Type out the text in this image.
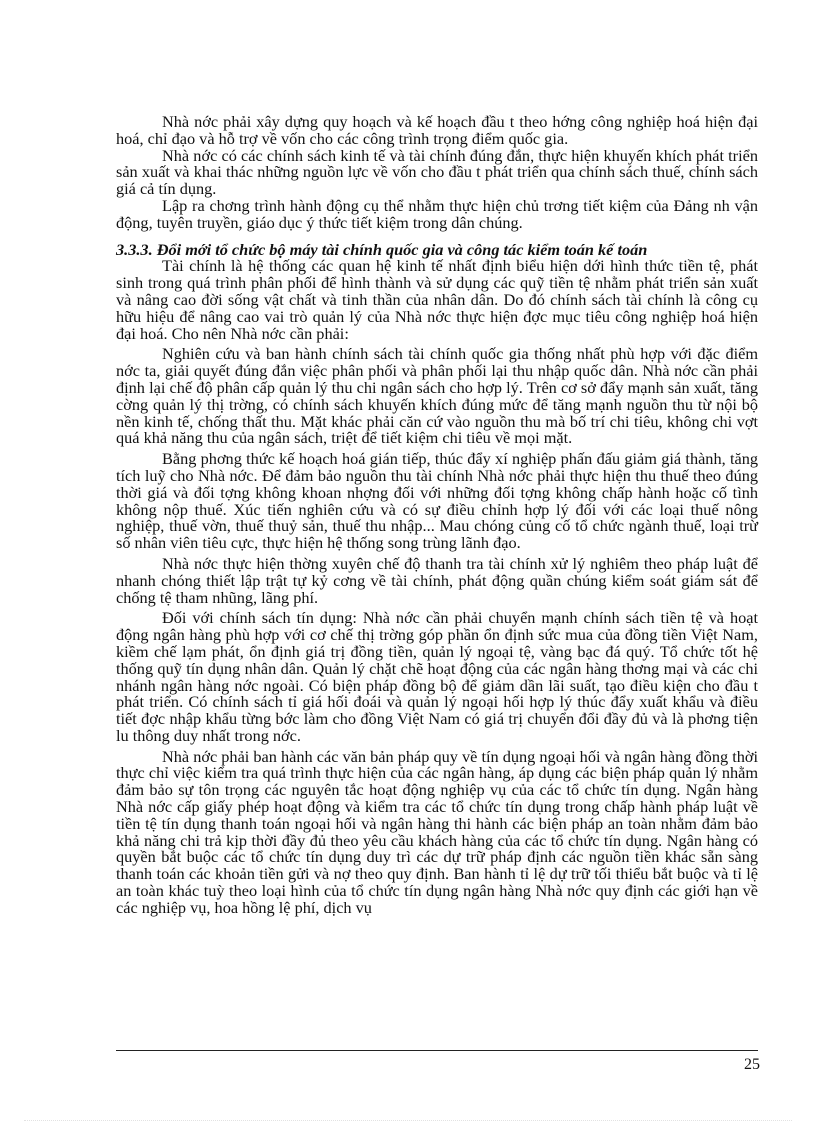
Nhà nớc phải xây dựng quy hoạch và kế hoạch đầu t theo hớng công nghiệp hoá hiện đại hoá, chỉ đạo và hỗ trợ về vốn cho các công trình trọng điểm quốc gia.

Nhà nớc có các chính sách kinh tế và tài chính đúng đắn, thực hiện khuyến khích phát triển sản xuất và khai thác những nguồn lực về vốn cho đầu t phát triển qua chính sách thuế, chính sách giá cả tín dụng.

Lập ra chơng trình hành động cụ thể nhằm thực hiện chủ trơng tiết kiệm của Đảng nh vận động, tuyên truyền, giáo dục ý thức tiết kiệm trong dân chúng.

3.3.3. Đổi mới tổ chức bộ máy tài chính quốc gia và công tác kiểm toán kế toán

Tài chính là hệ thống các quan hệ kinh tế nhất định biểu hiện dới hình thức tiền tệ, phát sinh trong quá trình phân phối để hình thành và sử dụng các quỹ tiền tệ nhằm phát triển sản xuất và nâng cao đời sống vật chất và tinh thần của nhân dân. Do đó chính sách tài chính là công cụ hữu hiệu để nâng cao vai trò quản lý của Nhà nớc thực hiện đợc mục tiêu công nghiệp hoá hiện đại hoá. Cho nên Nhà nớc cần phải:

Nghiên cứu và ban hành chính sách tài chính quốc gia thống nhất phù hợp với đặc điểm nớc ta, giải quyết đúng đắn việc phân phối và phân phối lại thu nhập quốc dân. Nhà nớc cần phải định lại chế độ phân cấp quản lý thu chi ngân sách cho hợp lý. Trên cơ sở đẩy mạnh sản xuất, tăng cờng quản lý thị trờng, có chính sách khuyến khích đúng mức để tăng mạnh nguồn thu từ nội bộ nền kinh tế, chống thất thu. Mặt khác phải căn cứ vào nguồn thu mà bố trí chi tiêu, không chi vợt quá khả năng thu của ngân sách, triệt để tiết kiệm chi tiêu về mọi mặt.

Bằng phơng thức kế hoạch hoá gián tiếp, thúc đẩy xí nghiệp phấn đấu giảm giá thành, tăng tích luỹ cho Nhà nớc. Để đảm bảo nguồn thu tài chính Nhà nớc phải thực hiện thu thuế theo đúng thời giá và đối tợng không khoan nhợng đối với những đối tợng không chấp hành hoặc cố tình không nộp thuế. Xúc tiến nghiên cứu và có sự điều chỉnh hợp lý đối với các loại thuế nông nghiệp, thuế vờn, thuế thuỷ sản, thuế thu nhập... Mau chóng củng cố tổ chức ngành thuế, loại trừ số nhân viên tiêu cực, thực hiện hệ thống song trùng lãnh đạo.

Nhà nớc thực hiện thờng xuyên chế độ thanh tra tài chính xử lý nghiêm theo pháp luật để nhanh chóng thiết lập trật tự kỷ cơng về tài chính, phát động quần chúng kiểm soát giám sát để chống tệ tham nhũng, lãng phí.

Đối với chính sách tín dụng: Nhà nớc cần phải chuyển mạnh chính sách tiền tệ và hoạt động ngân hàng phù hợp với cơ chế thị trờng góp phần ổn định sức mua của đồng tiền Việt Nam, kiềm chế lạm phát, ổn định giá trị đồng tiền, quản lý ngoại tệ, vàng bạc đá quý. Tổ chức tốt hệ thống quỹ tín dụng nhân dân. Quản lý chặt chẽ hoạt động của các ngân hàng thơng mại và các chi nhánh ngân hàng nớc ngoài. Có biện pháp đồng bộ để giảm dần lãi suất, tạo điều kiện cho đầu t phát triển. Có chính sách tỉ giá hối đoái và quản lý ngoại hối hợp lý thúc đẩy xuất khẩu và điều tiết đợc nhập khẩu từng bớc làm cho đồng Việt Nam có giá trị chuyển đổi đầy đủ và là phơng tiện lu thông duy nhất trong nớc.

Nhà nớc phải ban hành các văn bản pháp quy về tín dụng ngoại hối và ngân hàng đồng thời thực chỉ việc kiểm tra quá trình thực hiện của các ngân hàng, áp dụng các biện pháp quản lý nhằm đảm bảo sự tôn trọng các nguyên tắc hoạt động nghiệp vụ của các tổ chức tín dụng. Ngân hàng Nhà nớc cấp giấy phép hoạt động và kiểm tra các tổ chức tín dụng trong chấp hành pháp luật về tiền tệ tín dụng thanh toán ngoại hối và ngân hàng thi hành các biện pháp an toàn nhằm đảm bảo khả năng chi trả kịp thời đầy đủ theo yêu cầu khách hàng của các tổ chức tín dụng. Ngân hàng có quyền bắt buộc các tổ chức tín dụng duy trì các dự trữ pháp định các nguồn tiền khác sẵn sàng thanh toán các khoản tiền gửi và nợ theo quy định. Ban hành tỉ lệ dự trữ tối thiểu bắt buộc và tỉ lệ an toàn khác tuỳ theo loại hình của tổ chức tín dụng ngân hàng Nhà nớc quy định các giới hạn về các nghiệp vụ, hoa hồng lệ phí, dịch vụ

25
